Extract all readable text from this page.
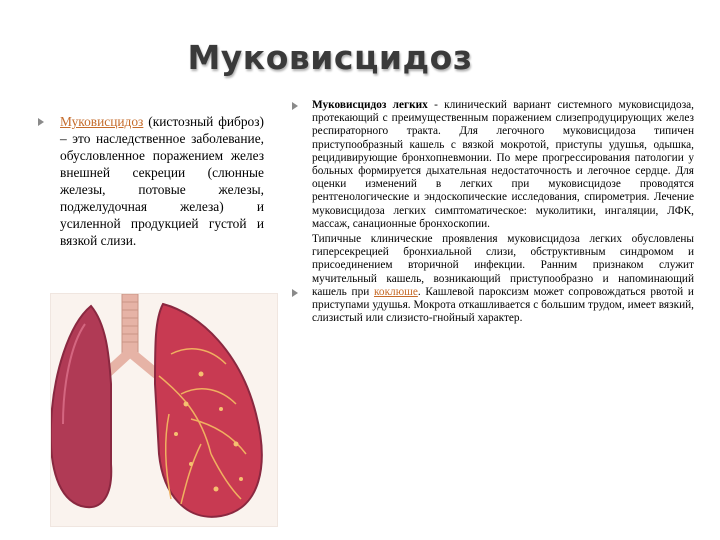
Муковисцидоз
Муковисцидоз (кистозный фиброз) – это наследственное заболевание, обусловленное поражением желез внешней секреции (слюнные железы, потовые железы, поджелудочная железа) и усиленной продукцией густой и вязкой слизи.

Муковисцидоз легких - клинический вариант системного муковисцидоза, протекающий с преимущественным поражением слизепродуцирующих желез респираторного тракта. Для легочного муковисцидоза типичен приступообразный кашель с вязкой мокротой, приступы удушья, одышка, рецидивирующие бронхопневмонии. По мере прогрессирования патологии у больных формируется дыхательная недостаточность и легочное сердце. Для оценки изменений в легких при муковисцидозе проводятся рентгенологические и эндоскопические исследования, спирометрия. Лечение муковисцидоза легких симптоматическое: муколитики, ингаляции, ЛФК, массаж, санационные бронхоскопии.

Типичные клинические проявления муковисцидоза легких обусловлены гиперсекрецией бронхиальной слизи, обструктивным синдромом и присоединением вторичной инфекции. Ранним признаком служит мучительный кашель, возникающий приступообразно и напоминающий кашель при коклюше. Кашлевой пароксизм может сопровождаться рвотой и приступами удушья. Мокрота откашливается с большим трудом, имеет вязкий, слизистый или слизисто-гнойный характер.
